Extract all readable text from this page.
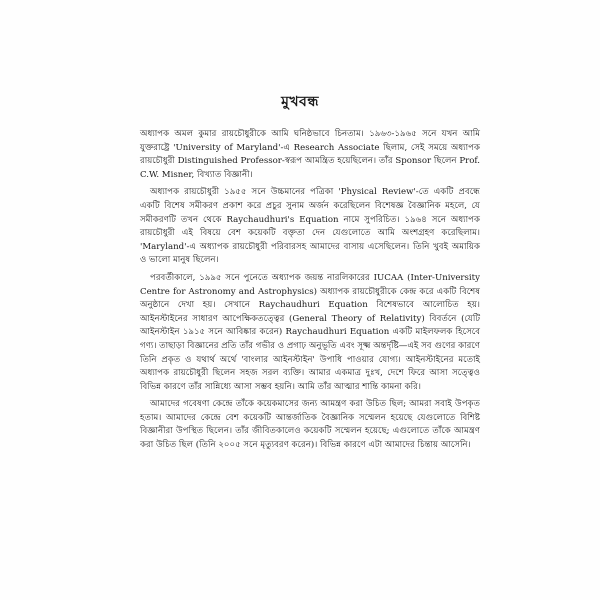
মুখবন্ধ

অধ্যাপক অমল কুমার রায়চৌধুরীকে আমি ঘনিষ্ঠভাবে চিনতাম। ১৯৬৩-১৯৬৫ সনে যখন আমি যুক্তরাষ্ট্রে 'University of Maryland'-এ Research Associate ছিলাম, সেই সময়ে অধ্যাপক রায়চৌধুরী Distinguished Professor-স্বরূপ আমন্ত্রিত হয়েছিলেন। তাঁর Sponsor ছিলেন Prof. C.W. Misner, বিখ্যাত বিজ্ঞানী।

অধ্যাপক রায়চৌধুরী ১৯৫৫ সনে উচ্চমানের পত্রিকা 'Physical Review'-তে একটি প্রবন্ধে একটি বিশেষ সমীকরণ প্রকাশ করে প্রচুর সুনাম অর্জন করেছিলেন বিশেষজ্ঞ বৈজ্ঞানিক মহলে, যে সমীকরণটি তখন থেকে Raychaudhuri's Equation নামে সুপরিচিত। ১৯৬৪ সনে অধ্যাপক রায়চৌধুরী এই বিষয়ে বেশ কয়েকটি বক্তৃতা দেন যেগুলোতে আমি অংশগ্রহণ করেছিলাম। 'Maryland'-এ অধ্যাপক রায়চৌধুরী পরিবারসহ আমাদের বাসায় এসেছিলেন। তিনি খুবই অমায়িক ও ভালো মানুষ ছিলেন।

পরবর্তীকালে, ১৯৯৫ সনে পুনেতে অধ্যাপক জয়ন্ত নারলিকারের IUCAA (Inter-University Centre for Astronomy and Astrophysics) অধ্যাপক রায়চৌধুরীকে কেন্দ্র করে একটি বিশেষ অনুষ্ঠানে দেখা হয়। সেখানে Raychaudhuri Equation বিশেষভাবে আলোচিত হয়। আইনস্টাইনের সাধারণ আপেক্ষিকতত্ত্বের (General Theory of Relativity) বিবর্তনে (যেটি আইনস্টাইন ১৯১৫ সনে আবিষ্কার করেন) Raychaudhuri Equation একটি মাইলফলক হিসেবে গণ্য। তাছাড়া বিজ্ঞানের প্রতি তাঁর গভীর ও প্রগাঢ় অনুভূতি এবং সূক্ষ্ম অন্তর্দৃষ্টি—এই সব গুণের কারণে তিনি প্রকৃত ও যথার্থ অর্থে 'বাংলার আইনস্টাইন' উপাধি পাওয়ার যোগ্য। আইনস্টাইনের মতোই অধ্যাপক রায়চৌধুরী ছিলেন সহজ সরল ব্যক্তি। আমার একমাত্র দুঃখ, দেশে ফিরে আসা সত্ত্বেও বিভিন্ন কারণে তাঁর সান্নিধ্যে আসা সম্ভব হয়নি। আমি তাঁর আত্মার শান্তি কামনা করি।

আমাদের গবেষণা কেন্দ্রে তাঁকে কয়েকমাসের জন্য আমন্ত্রণ করা উচিত ছিল; আমরা সবাই উপকৃত হতাম। আমাদের কেন্দ্রে বেশ কয়েকটি আন্তর্জাতিক বৈজ্ঞানিক সম্মেলন হয়েছে যেগুলোতে বিশিষ্ট বিজ্ঞানীরা উপস্থিত ছিলেন। তাঁর জীবিতকালেও কয়েকটি সম্মেলন হয়েছে; এগুলোতে তাঁকে আমন্ত্রণ করা উচিত ছিল (তিনি ২০০৫ সনে মৃত্যুবরণ করেন)। বিভিন্ন কারণে এটা আমাদের চিন্তায় আসেনি।
